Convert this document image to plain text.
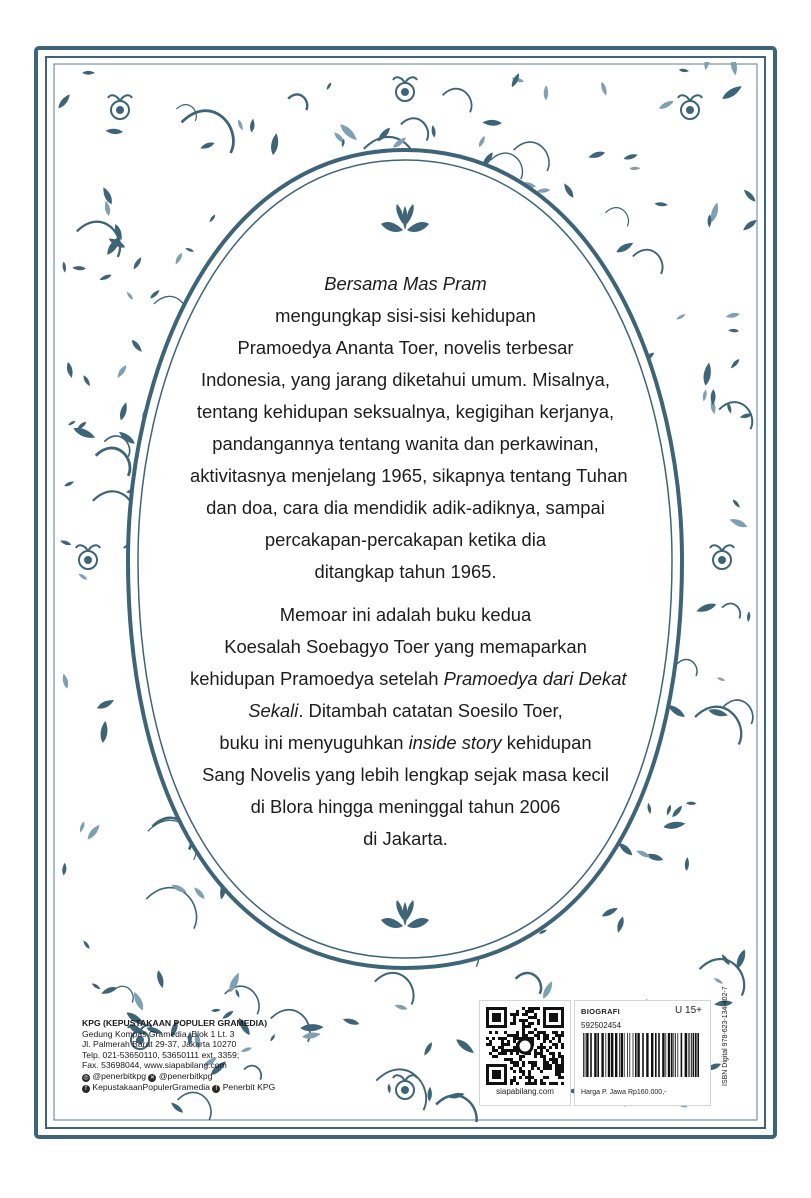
Bersama Mas Pram
mengungkap sisi-sisi kehidupan
Pramoedya Ananta Toer, novelis terbesar
Indonesia, yang jarang diketahui umum. Misalnya,
tentang kehidupan seksualnya, kegigihan kerjanya,
pandangannya tentang wanita dan perkawinan,
aktivitasnya menjelang 1965, sikapnya tentang Tuhan
dan doa, cara dia mendidik adik-adiknya, sampai
percakapan-percakapan ketika dia
ditangkap tahun 1965.
Memoar ini adalah buku kedua
Koesalah Soebagyo Toer yang memaparkan
kehidupan Pramoedya setelah Pramoedya dari Dekat
Sekali. Ditambah catatan Soesilo Toer,
buku ini menyuguhkan inside story kehidupan
Sang Novelis yang lebih lengkap sejak masa kecil
di Blora hingga meninggal tahun 2006
di Jakarta.
KPG (KEPUSTAKAAN POPULER GRAMEDIA)
Gedung Kompas Gramedia, Blok 1 Lt. 3
Jl. Palmerah Barat 29-37, Jakarta 10270
Telp. 021-53650110, 53650111 ext. 3359;
Fax. 53698044, www.siapabilang.com
◎ @penerbitkpg ✕ @penerbitkpg
f KepustakaanPopulerGramedia f Penerbit KPG	siapabilang.com
BIOGRAFI	U 15+
592502454
Harga P. Jawa Rp160.000,-
ISBN Digital 978-623-134-402-7
